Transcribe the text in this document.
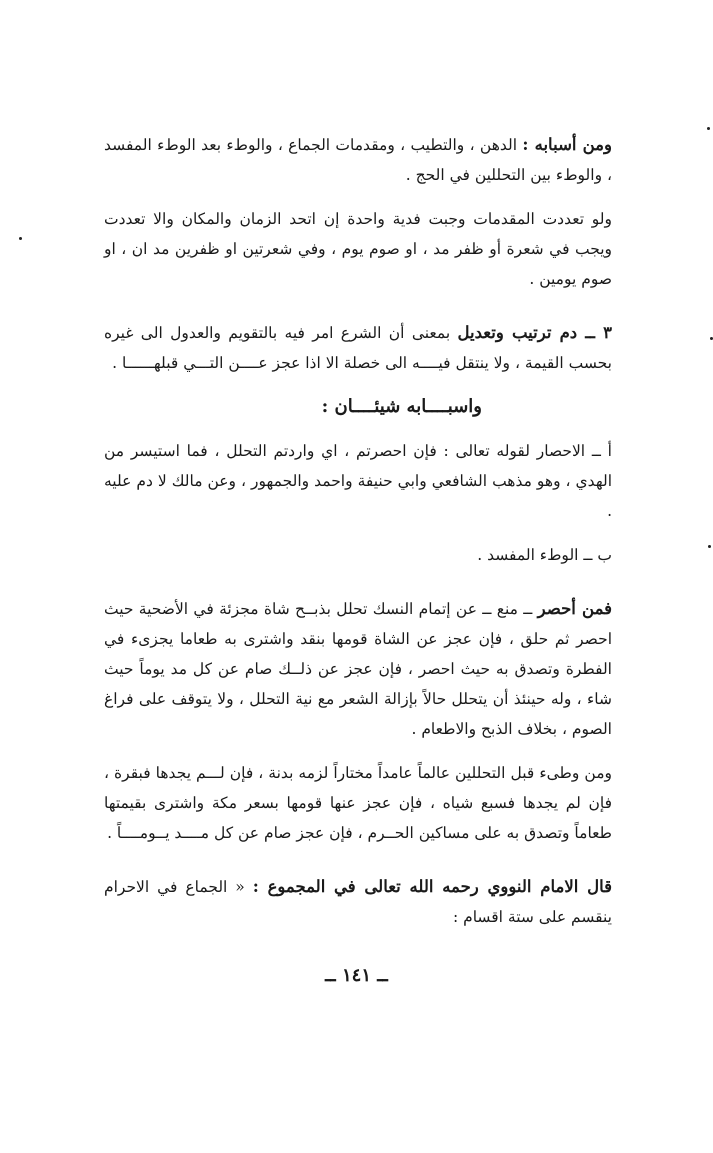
ومن أسبابه : الدهن ، والتطيب ، ومقدمات الجماع ، والوطء بعد الوطء المفسد ، والوطء بين التحللين في الحج .

ولو تعددت المقدمات وجبت فدية واحدة إن اتحد الزمان والمكان والا تعددت ويجب في شعرة أو ظفر مد ، او صوم يوم ، وفي شعرتين او ظفرين مد ان ، او صوم يومين .

٣ ــ دم ترتيب وتعديل بمعنى أن الشرع امر فيه بالتقويم والعدول الى غيره بحسب القيمة ، ولا ينتقل فيــــه الى خصلة الا اذا عجز عــــن التـــي قبلهــــــا .

واسبــــابه شيئــــان :

أ ــ الاحصار لقوله تعالى : فإن احصرتم ، اي واردتم التحلل ، فما استيسر من الهدي ، وهو مذهب الشافعي وابي حنيفة واحمد والجمهور ، وعن مالك لا دم عليه .

ب ــ الوطء المفسد .

فمن أحصر ــ منع ــ عن إتمام النسك تحلل بذبــح شاة مجزئة في الأضحية حيث احصر ثم حلق ، فإن عجز عن الشاة قومها بنقد واشترى به طعاما يجزىء في الفطرة وتصدق به حيث احصر ، فإن عجز عن ذلــك صام عن كل مد يوماً حيث شاء ، وله حينئذ أن يتحلل حالاً بإزالة الشعر مع نية التحلل ، ولا يتوقف على فراغ الصوم ، بخلاف الذبح والاطعام .

ومن وطىء قبل التحللين عالماً عامداً مختاراً لزمه بدنة ، فإن لـــم يجدها فبقرة ، فإن لم يجدها فسبع شياه ، فإن عجز عنها قومها بسعر مكة واشترى بقيمتها طعاماً وتصدق به على مساكين الحــرم ، فإن عجز صام عن كل مــــد يــومــــاً .

قال الامام النووي رحمه الله تعالى في المجموع : « الجماع في الاحرام ينقسم على ستة اقسام :

ــ ١٤١ ــ
